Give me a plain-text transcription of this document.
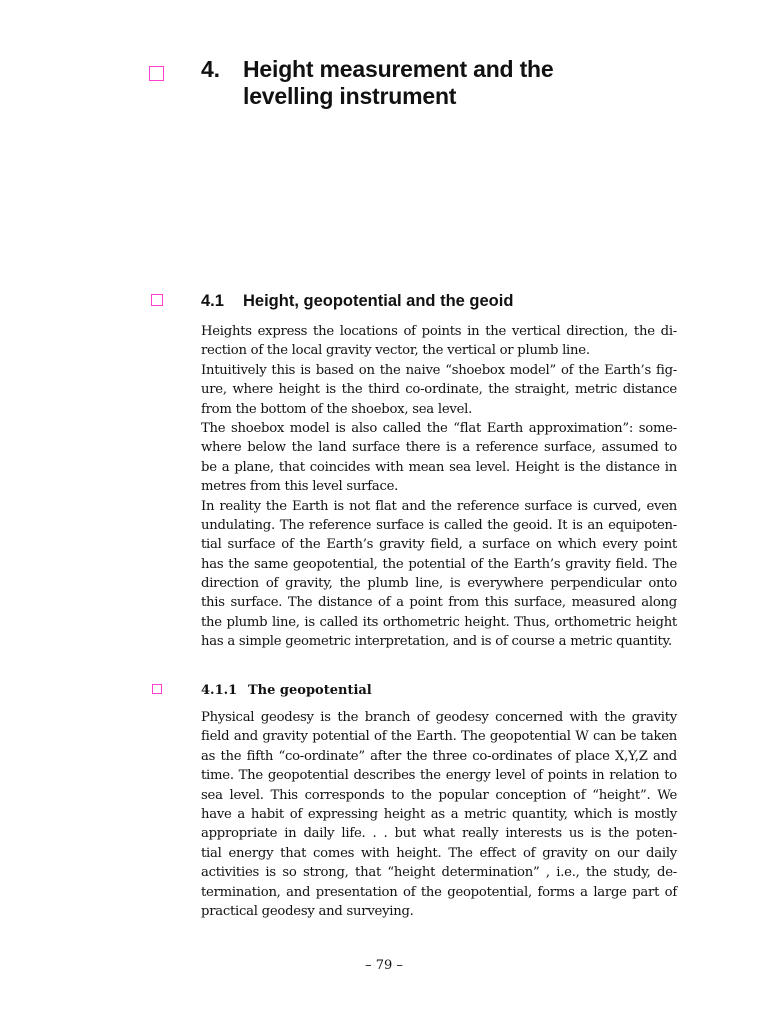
4.	Height measurement and the
levelling instrument
4.1	Height, geopotential and the geoid
Heights express the locations of points in the vertical direction, the di-
rection of the local gravity vector, the vertical or plumb line.
Intuitively this is based on the naive “shoebox model” of the Earth’s fig-
ure, where height is the third co-ordinate, the straight, metric distance
from the bottom of the shoebox, sea level.
The shoebox model is also called the “flat Earth approximation”: some-
where below the land surface there is a reference surface, assumed to
be a plane, that coincides with mean sea level. Height is the distance in
metres from this level surface.
In reality the Earth is not flat and the reference surface is curved, even
undulating. The reference surface is called the geoid. It is an equipoten-
tial surface of the Earth’s gravity field, a surface on which every point
has the same geopotential, the potential of the Earth’s gravity field. The
direction of gravity, the plumb line, is everywhere perpendicular onto
this surface. The distance of a point from this surface, measured along
the plumb line, is called its orthometric height. Thus, orthometric height
has a simple geometric interpretation, and is of course a metric quantity.
4.1.1 The geopotential
Physical geodesy is the branch of geodesy concerned with the gravity
field and gravity potential of the Earth. The geopotential W can be taken
as the fifth “co-ordinate” after the three co-ordinates of place X,Y,Z and
time. The geopotential describes the energy level of points in relation to
sea level. This corresponds to the popular conception of “height”. We
have a habit of expressing height as a metric quantity, which is mostly
appropriate in daily life. . . but what really interests us is the poten-
tial energy that comes with height. The effect of gravity on our daily
activities is so strong, that “height determination” , i.e., the study, de-
termination, and presentation of the geopotential, forms a large part of
practical geodesy and surveying.
– 79 –
